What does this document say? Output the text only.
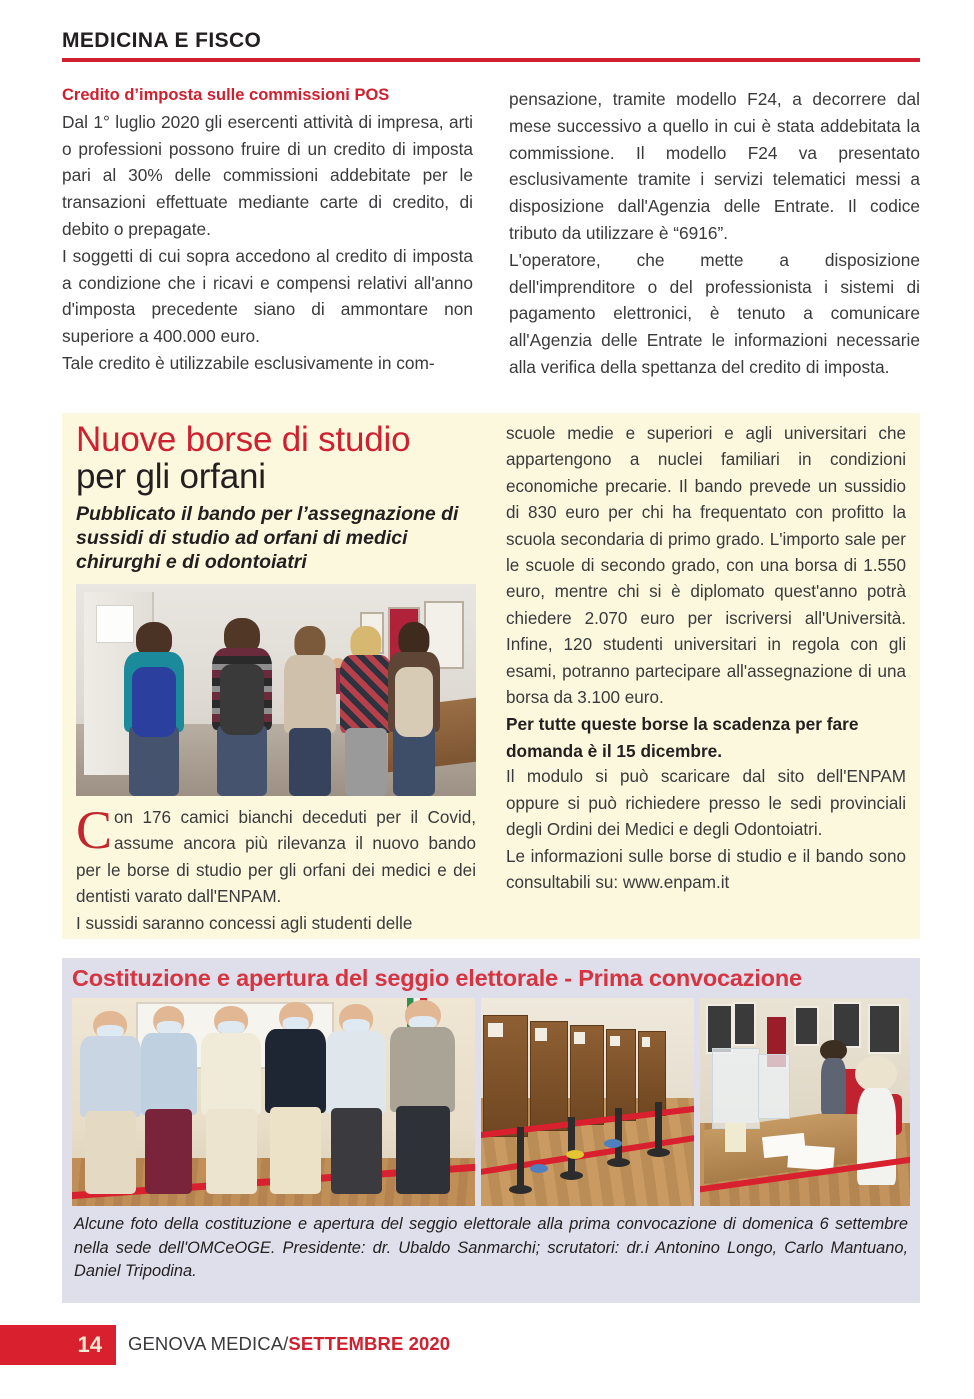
MEDICINA E FISCO

Credito d’imposta sulle commissioni POS

Dal 1° luglio 2020 gli esercenti attività di impresa, arti o professioni possono fruire di un credito di imposta pari al 30% delle commissioni addebitate per le transazioni effettuate mediante carte di credito, di debito o prepagate.

I soggetti di cui sopra accedono al credito di imposta a condizione che i ricavi e compensi relativi all'anno d'imposta precedente siano di ammontare non superiore a 400.000 euro.

Tale credito è utilizzabile esclusivamente in com-

pensazione, tramite modello F24, a decorrere dal mese successivo a quello in cui è stata addebitata la commissione. Il modello F24 va presentato esclusivamente tramite i servizi telematici messi a disposizione dall'Agenzia delle Entrate. Il codice tributo da utilizzare è “6916”.

L'operatore, che mette a disposizione dell'imprenditore o del professionista i sistemi di pagamento elettronici, è tenuto a comunicare all'Agenzia delle Entrate le informazioni necessarie alla verifica della spettanza del credito di imposta.

Nuove borse di studio
per gli orfani

Pubblicato il bando per l’assegnazione di sussidi di studio ad orfani di medici chirurghi e di odontoiatri

C on 176 camici bianchi deceduti per il Covid, assume ancora più rilevanza il nuovo bando per le borse di studio per gli orfani dei medici e dei dentisti varato dall'ENPAM.

I sussidi saranno concessi agli studenti delle

scuole medie e superiori e agli universitari che appartengono a nuclei familiari in condizioni economiche precarie. Il bando prevede un sussidio di 830 euro per chi ha frequentato con profitto la scuola secondaria di primo grado. L'importo sale per le scuole di secondo grado, con una borsa di 1.550 euro, mentre chi si è diplomato quest'anno potrà chiedere 2.070 euro per iscriversi all'Università. Infine, 120 studenti universitari in regola con gli esami, potranno partecipare all'assegnazione di una borsa da 3.100 euro.

Per tutte queste borse la scadenza per fare domanda è il 15 dicembre.

Il modulo si può scaricare dal sito dell'ENPAM oppure si può richiedere presso le sedi provinciali degli Ordini dei Medici e degli Odontoiatri.

Le informazioni sulle borse di studio e il bando sono consultabili su: www.enpam.it

Costituzione e apertura del seggio elettorale - Prima convocazione

Alcune foto della costituzione e apertura del seggio elettorale alla prima convocazione di domenica 6 settembre nella sede dell'OMCeOGE. Presidente: dr. Ubaldo Sanmarchi; scrutatori: dr.i Antonino Longo, Carlo Mantuano, Daniel Tripodina.

14 GENOVA MEDICA/SETTEMBRE 2020
